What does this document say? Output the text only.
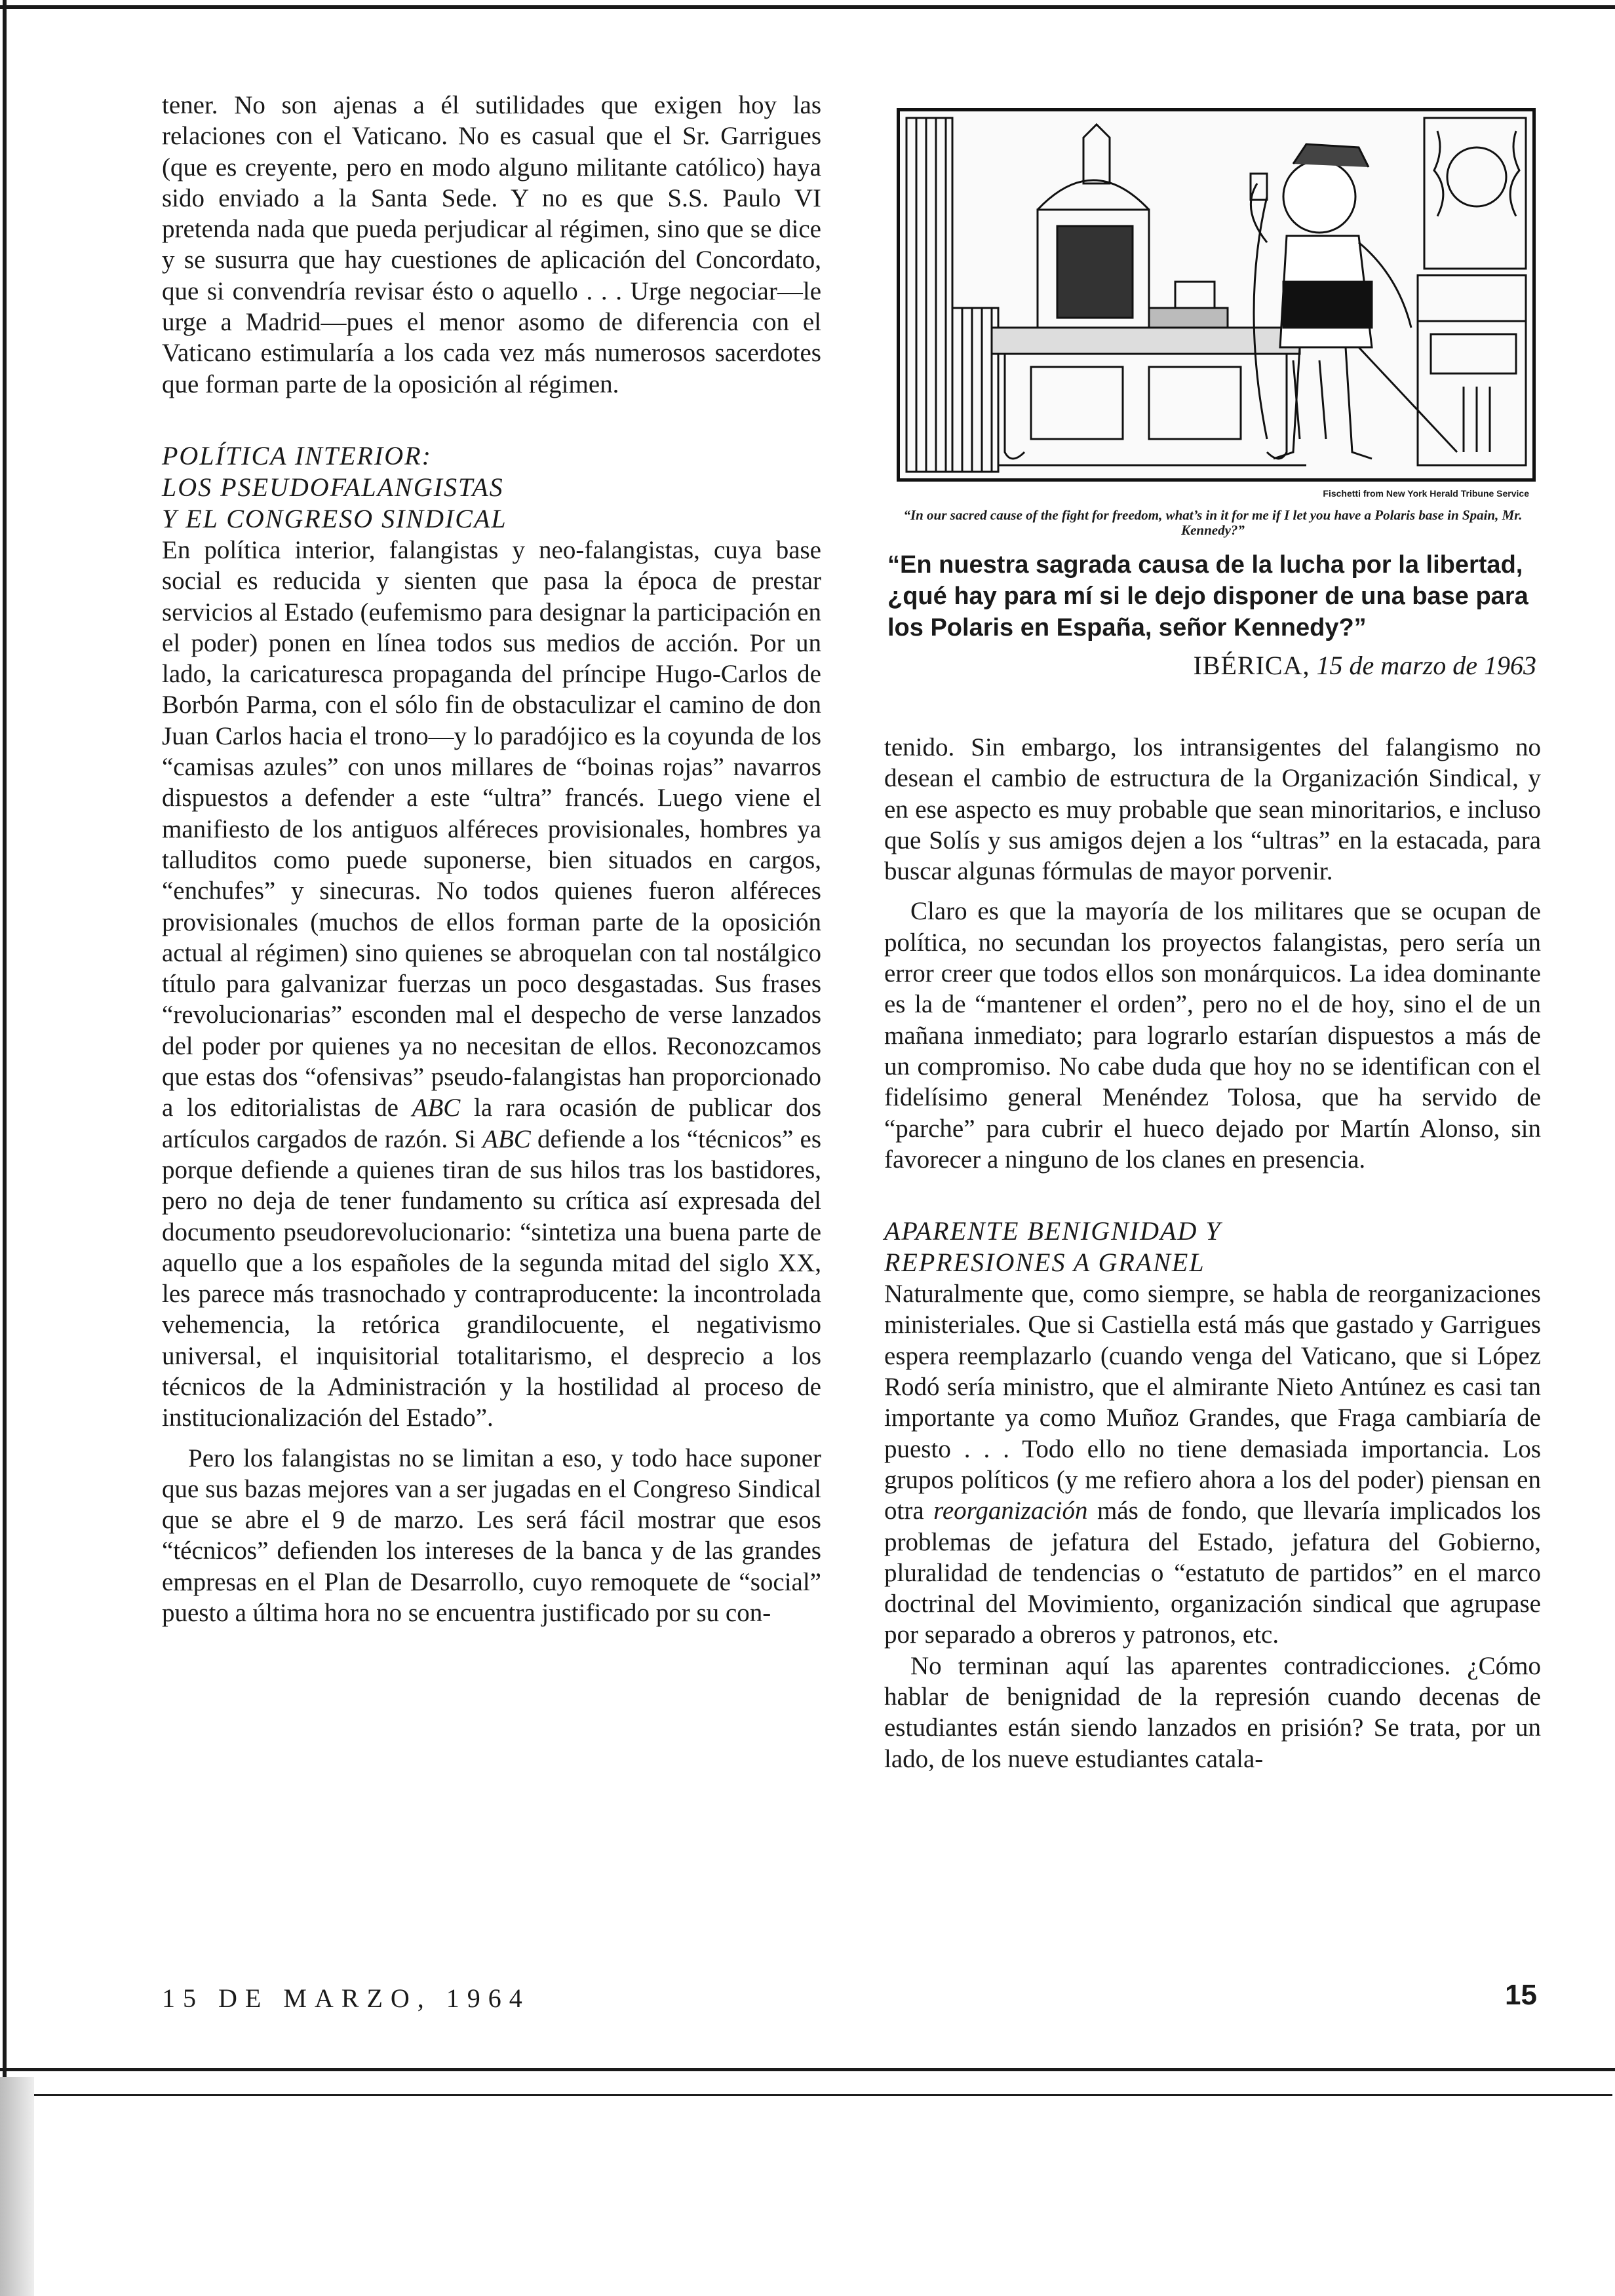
tener. No son ajenas a él sutilidades que exigen hoy las relaciones con el Vaticano. No es casual que el Sr. Garrigues (que es creyente, pero en modo alguno militante católico) haya sido enviado a la Santa Sede. Y no es que S.S. Paulo VI pretenda nada que pueda perjudicar al régimen, sino que se dice y se susurra que hay cuestiones de aplicación del Concordato, que si convendría revisar ésto o aquello . . . Urge negociar—le urge a Madrid—pues el menor asomo de diferencia con el Vaticano estimularía a los cada vez más numerosos sacerdotes que forman parte de la oposición al régimen.

POLÍTICA INTERIOR:
LOS PSEUDOFALANGISTAS
Y EL CONGRESO SINDICAL

En política interior, falangistas y neo-falangistas, cuya base social es reducida y sienten que pasa la época de prestar servicios al Estado (eufemismo para designar la participación en el poder) ponen en línea todos sus medios de acción. Por un lado, la caricaturesca propaganda del príncipe Hugo-Carlos de Borbón Parma, con el sólo fin de obstaculizar el camino de don Juan Carlos hacia el trono—y lo paradójico es la coyunda de los “camisas azules” con unos millares de “boinas rojas” navarros dispuestos a defender a este “ultra” francés. Luego viene el manifiesto de los antiguos alféreces provisionales, hombres ya talluditos como puede suponerse, bien situados en cargos, “enchufes” y sinecuras. No todos quienes fueron alféreces provisionales (muchos de ellos forman parte de la oposición actual al régimen) sino quienes se abroquelan con tal nostálgico título para galvanizar fuerzas un poco desgastadas. Sus frases “revolucionarias” esconden mal el despecho de verse lanzados del poder por quienes ya no necesitan de ellos. Reconozcamos que estas dos “ofensivas” pseudo-falangistas han proporcionado a los editorialistas de ABC la rara ocasión de publicar dos artículos cargados de razón. Si ABC defiende a los “técnicos” es porque defiende a quienes tiran de sus hilos tras los bastidores, pero no deja de tener fundamento su crítica así expresada del documento pseudorevolucionario: “sintetiza una buena parte de aquello que a los españoles de la segunda mitad del siglo XX, les parece más trasnochado y contraproducente: la incontrolada vehemencia, la retórica grandilocuente, el negativismo universal, el inquisitorial totalitarismo, el desprecio a los técnicos de la Administración y la hostilidad al proceso de institucionalización del Estado”.

Pero los falangistas no se limitan a eso, y todo hace suponer que sus bazas mejores van a ser jugadas en el Congreso Sindical que se abre el 9 de marzo. Les será fácil mostrar que esos “técnicos” defienden los intereses de la banca y de las grandes empresas en el Plan de Desarrollo, cuyo remoquete de “social” puesto a última hora no se encuentra justificado por su con-

Fischetti from New York Herald Tribune Service
“In our sacred cause of the fight for freedom, what’s in it for me if I let you have a Polaris base in Spain, Mr. Kennedy?”
“En nuestra sagrada causa de la lucha por la libertad, ¿qué hay para mí si le dejo disponer de una base para los Polaris en España, señor Kennedy?”
IBÉRICA, 15 de marzo de 1963

tenido. Sin embargo, los intransigentes del falangismo no desean el cambio de estructura de la Organización Sindical, y en ese aspecto es muy probable que sean minoritarios, e incluso que Solís y sus amigos dejen a los “ultras” en la estacada, para buscar algunas fórmulas de mayor porvenir.

Claro es que la mayoría de los militares que se ocupan de política, no secundan los proyectos falangistas, pero sería un error creer que todos ellos son monárquicos. La idea dominante es la de “mantener el orden”, pero no el de hoy, sino el de un mañana inmediato; para lograrlo estarían dispuestos a más de un compromiso. No cabe duda que hoy no se identifican con el fidelísimo general Menéndez Tolosa, que ha servido de “parche” para cubrir el hueco dejado por Martín Alonso, sin favorecer a ninguno de los clanes en presencia.

APARENTE BENIGNIDAD Y
REPRESIONES A GRANEL

Naturalmente que, como siempre, se habla de reorganizaciones ministeriales. Que si Castiella está más que gastado y Garrigues espera reemplazarlo (cuando venga del Vaticano, que si López Rodó sería ministro, que el almirante Nieto Antúnez es casi tan importante ya como Muñoz Grandes, que Fraga cambiaría de puesto . . . Todo ello no tiene demasiada importancia. Los grupos políticos (y me refiero ahora a los del poder) piensan en otra reorganización más de fondo, que llevaría implicados los problemas de jefatura del Estado, jefatura del Gobierno, pluralidad de tendencias o “estatuto de partidos” en el marco doctrinal del Movimiento, organización sindical que agrupase por separado a obreros y patronos, etc.

No terminan aquí las aparentes contradicciones. ¿Cómo hablar de benignidad de la represión cuando decenas de estudiantes están siendo lanzados en prisión? Se trata, por un lado, de los nueve estudiantes catala-

15 DE MARZO, 1964	15
